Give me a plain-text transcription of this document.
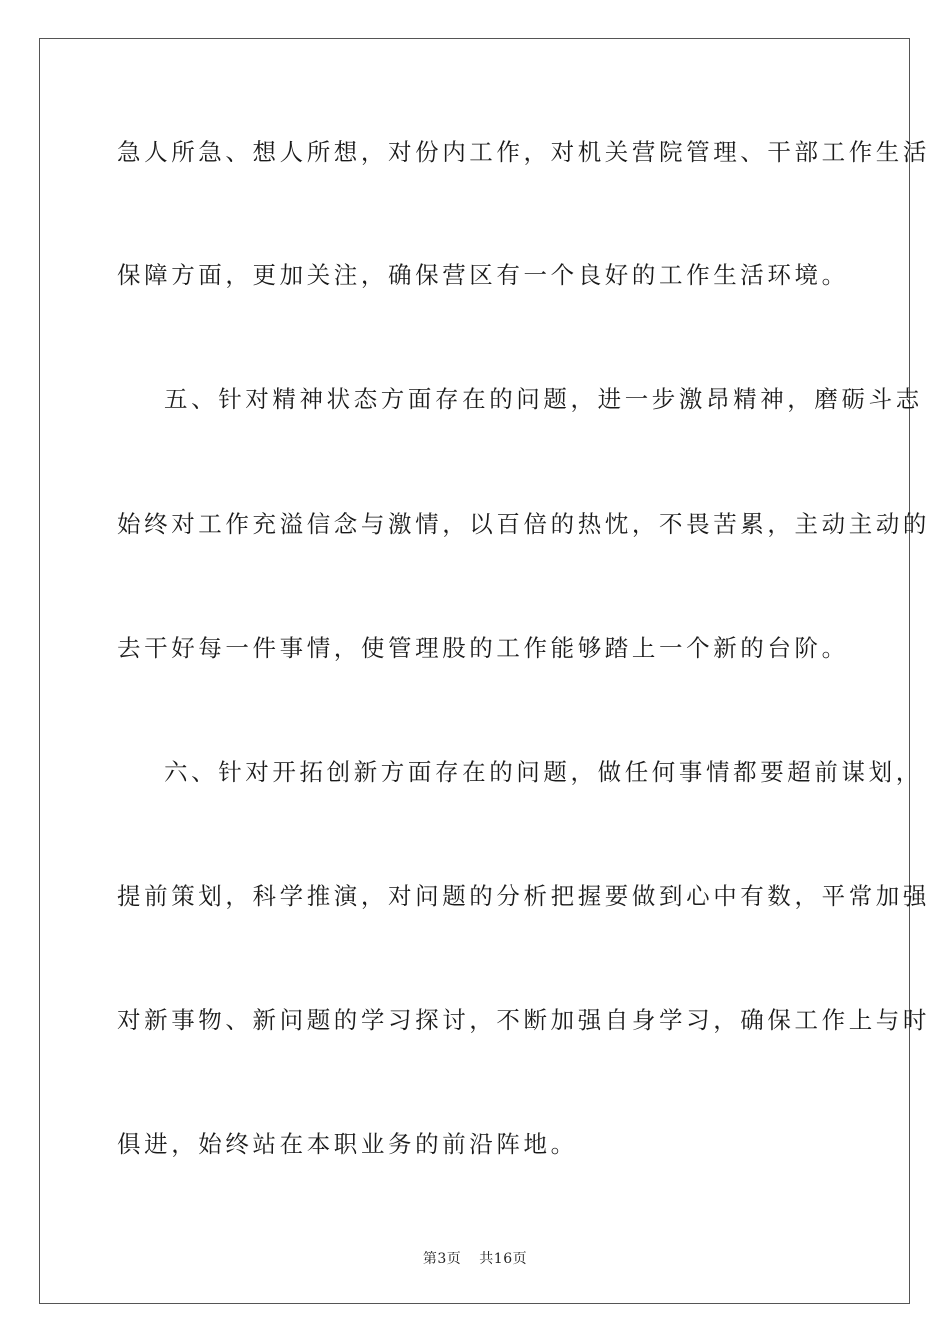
急人所急、想人所想，对份内工作，对机关营院管理、干部工作生活
保障方面，更加关注，确保营区有一个良好的工作生活环境。
五、针对精神状态方面存在的问题，进一步激昂精神，磨砺斗志
始终对工作充溢信念与激情，以百倍的热忱，不畏苦累，主动主动的
去干好每一件事情，使管理股的工作能够踏上一个新的台阶。
六、针对开拓创新方面存在的问题，做任何事情都要超前谋划，
提前策划，科学推演，对问题的分析把握要做到心中有数，平常加强
对新事物、新问题的学习探讨，不断加强自身学习，确保工作上与时
俱进，始终站在本职业务的前沿阵地。
第3页 共16页
